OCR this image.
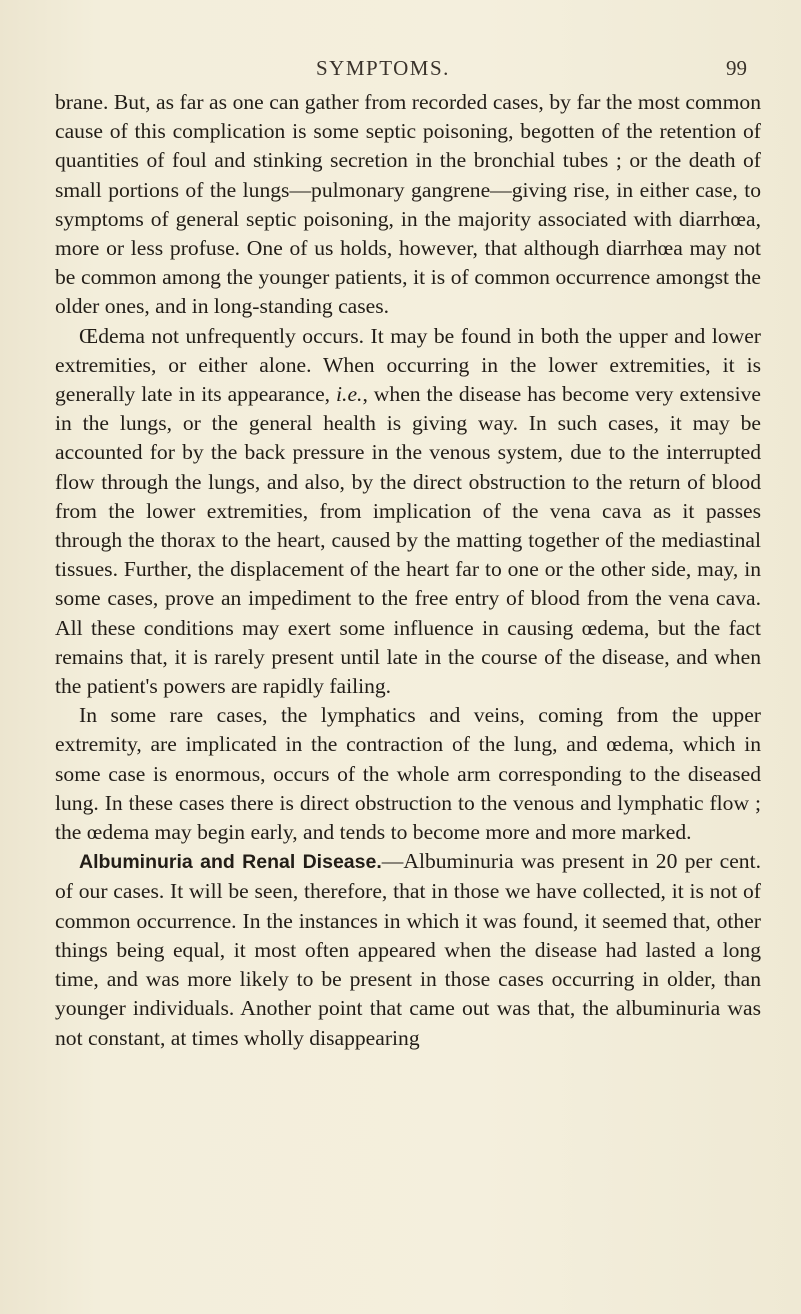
SYMPTOMS.	99

brane. But, as far as one can gather from recorded cases, by far the most common cause of this complication is some septic poisoning, begotten of the retention of quantities of foul and stinking secretion in the bronchial tubes ; or the death of small portions of the lungs—pulmonary gangrene—giving rise, in either case, to symptoms of general septic poisoning, in the majority associated with diarrhœa, more or less profuse. One of us holds, however, that although diarrhœa may not be common among the younger patients, it is of common occurrence amongst the older ones, and in long-standing cases.

Œdema not unfrequently occurs. It may be found in both the upper and lower extremities, or either alone. When occurring in the lower extremities, it is generally late in its appearance, i.e., when the disease has become very extensive in the lungs, or the general health is giving way. In such cases, it may be accounted for by the back pressure in the venous system, due to the interrupted flow through the lungs, and also, by the direct obstruction to the return of blood from the lower extremities, from implication of the vena cava as it passes through the thorax to the heart, caused by the matting together of the mediastinal tissues. Further, the displacement of the heart far to one or the other side, may, in some cases, prove an impediment to the free entry of blood from the vena cava. All these conditions may exert some influence in causing œdema, but the fact remains that, it is rarely present until late in the course of the disease, and when the patient's powers are rapidly failing.

In some rare cases, the lymphatics and veins, coming from the upper extremity, are implicated in the contraction of the lung, and œdema, which in some case is enormous, occurs of the whole arm corresponding to the diseased lung. In these cases there is direct obstruction to the venous and lymphatic flow ; the œdema may begin early, and tends to become more and more marked.

Albuminuria and Renal Disease.—Albuminuria was present in 20 per cent. of our cases. It will be seen, therefore, that in those we have collected, it is not of common occurrence. In the instances in which it was found, it seemed that, other things being equal, it most often appeared when the disease had lasted a long time, and was more likely to be present in those cases occurring in older, than younger individuals. Another point that came out was that, the albuminuria was not constant, at times wholly disappearing
